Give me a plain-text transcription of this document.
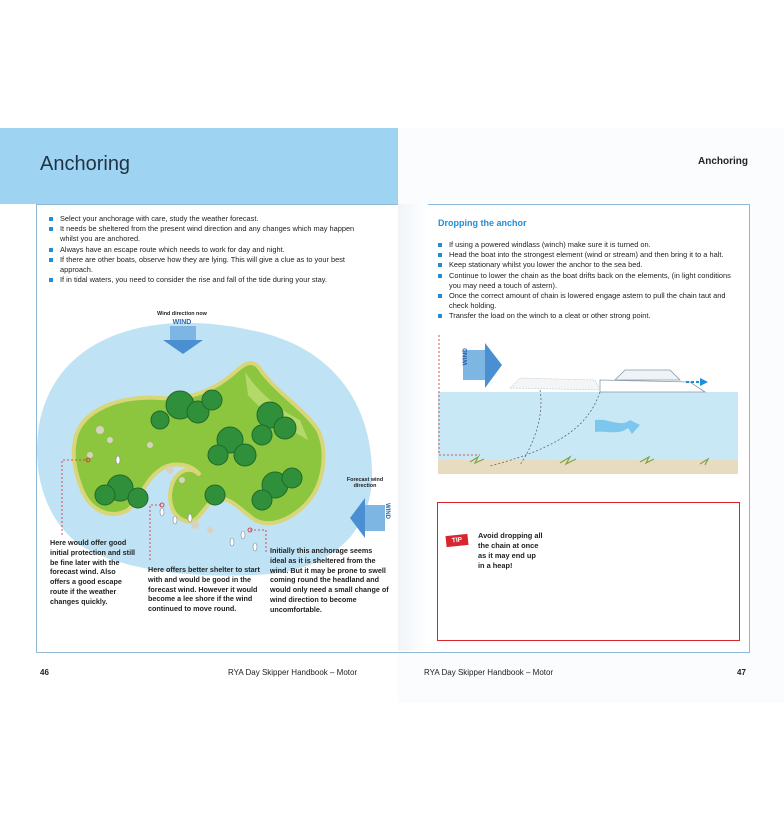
Anchoring	Anchoring
Select your anchorage with care, study the weather forecast.
It needs be sheltered from the present wind direction and any changes which may happen whilst you are anchored.
Always have an escape route which needs to work for day and night.
If there are other boats, observe how they are lying. This will give a clue as to your best approach.
If in tidal waters, you need to consider the rise and fall of the tide during your stay.
Wind direction now
WIND
Forecast wind direction
WIND
Here would offer good initial protection and still be fine later with the forecast wind. Also offers a good escape route if the weather changes quickly.
Here offers better shelter to start with and would be good in the forecast wind. However it would become a lee shore if the wind continued to move round.
Initially this anchorage seems ideal as it is sheltered from the wind. But it may be prone to swell coming round the headland and would only need a small change of wind direction to become uncomfortable.
Dropping the anchor
If using a powered windlass (winch) make sure it is turned on.
Head the boat into the strongest element (wind or stream) and then bring it to a halt.
Keep stationary whilst you lower the anchor to the sea bed.
Continue to lower the chain as the boat drifts back on the elements, (in light conditions you may need a touch of astern).
Once the correct amount of chain is lowered engage astern to pull the chain taut and check holding.
Transfer the load on the winch to a cleat or other strong point.
WIND
TIP
Avoid dropping all the chain at once as it may end up in a heap!
46	RYA Day Skipper Handbook – Motor	RYA Day Skipper Handbook – Motor	47
